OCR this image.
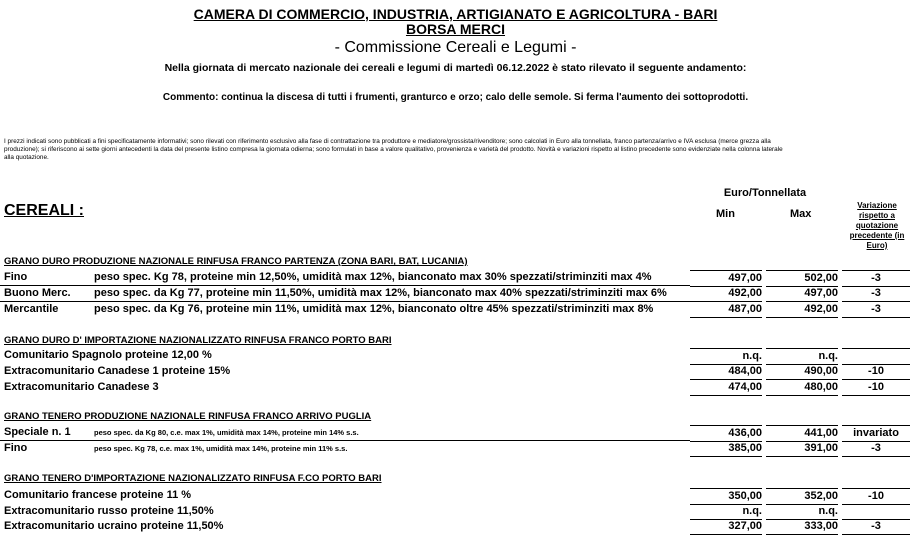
CAMERA DI COMMERCIO, INDUSTRIA, ARTIGIANATO E AGRICOLTURA - BARI
BORSA MERCI
- Commissione Cereali e Legumi -
Nella giornata di mercato nazionale dei cereali e legumi di martedì 06.12.2022 è stato rilevato il seguente andamento:
Commento: continua la discesa di tutti i frumenti, granturco e orzo; calo delle semole. Si ferma l'aumento dei sottoprodotti.
I prezzi indicati sono pubblicati a fini specificatamente informativi; sono rilevati con riferimento esclusivo alla fase di contrattazione tra produttore e mediatore/grossista/rivenditore; sono calcolati in Euro alla tonnellata, franco partenza/arrivo e IVA esclusa (merce grezza alla
produzione); si riferiscono ai sette giorni antecedenti la data del presente listino compresa la giornata odierna; sono formulati in base a valore qualitativo, provenienza e varietà del prodotto. Novità e variazioni rispetto al listino precedente sono evidenziate nella colonna laterale
alla quotazione.
Euro/Tonnellata
Min	Max
Variazione rispetto a quotazione precedente (in Euro)
CEREALI :
GRANO DURO PRODUZIONE NAZIONALE RINFUSA FRANCO PARTENZA (ZONA BARI, BAT, LUCANIA)
Fino	peso spec. Kg 78, proteine min 12,50%, umidità max 12%, bianconato max 30% spezzati/striminziti max 4%	497,00	502,00	-3
Buono Merc. peso spec. da Kg 77, proteine min 11,50%, umidità max 12%, bianconato max 40% spezzati/striminziti max 6%	492,00	497,00	-3
Mercantile	peso spec. da Kg 76, proteine min 11%, umidità max 12%, bianconato oltre 45% spezzati/striminziti max 8%	487,00	492,00	-3
GRANO DURO D' IMPORTAZIONE NAZIONALIZZATO RINFUSA FRANCO PORTO BARI
Comunitario Spagnolo proteine 12,00 %	n.q.	n.q.
Extracomunitario Canadese 1 proteine 15%	484,00	490,00	-10
Extracomunitario Canadese 3	474,00	480,00	-10
GRANO TENERO PRODUZIONE NAZIONALE RINFUSA FRANCO ARRIVO PUGLIA
Speciale n. 1	peso spec. da Kg 80, c.e. max 1%, umidità max 14%, proteine min 14% s.s.	436,00	441,00	invariato
Fino	peso spec. Kg 78, c.e. max 1%, umidità max 14%, proteine min 11% s.s.	385,00	391,00	-3
GRANO TENERO D'IMPORTAZIONE NAZIONALIZZATO RINFUSA F.CO PORTO BARI
Comunitario francese proteine 11 %	350,00	352,00	-10
Extracomunitario russo proteine 11,50%	n.q.	n.q.
Extracomunitario ucraino proteine 11,50%	327,00	333,00	-3
